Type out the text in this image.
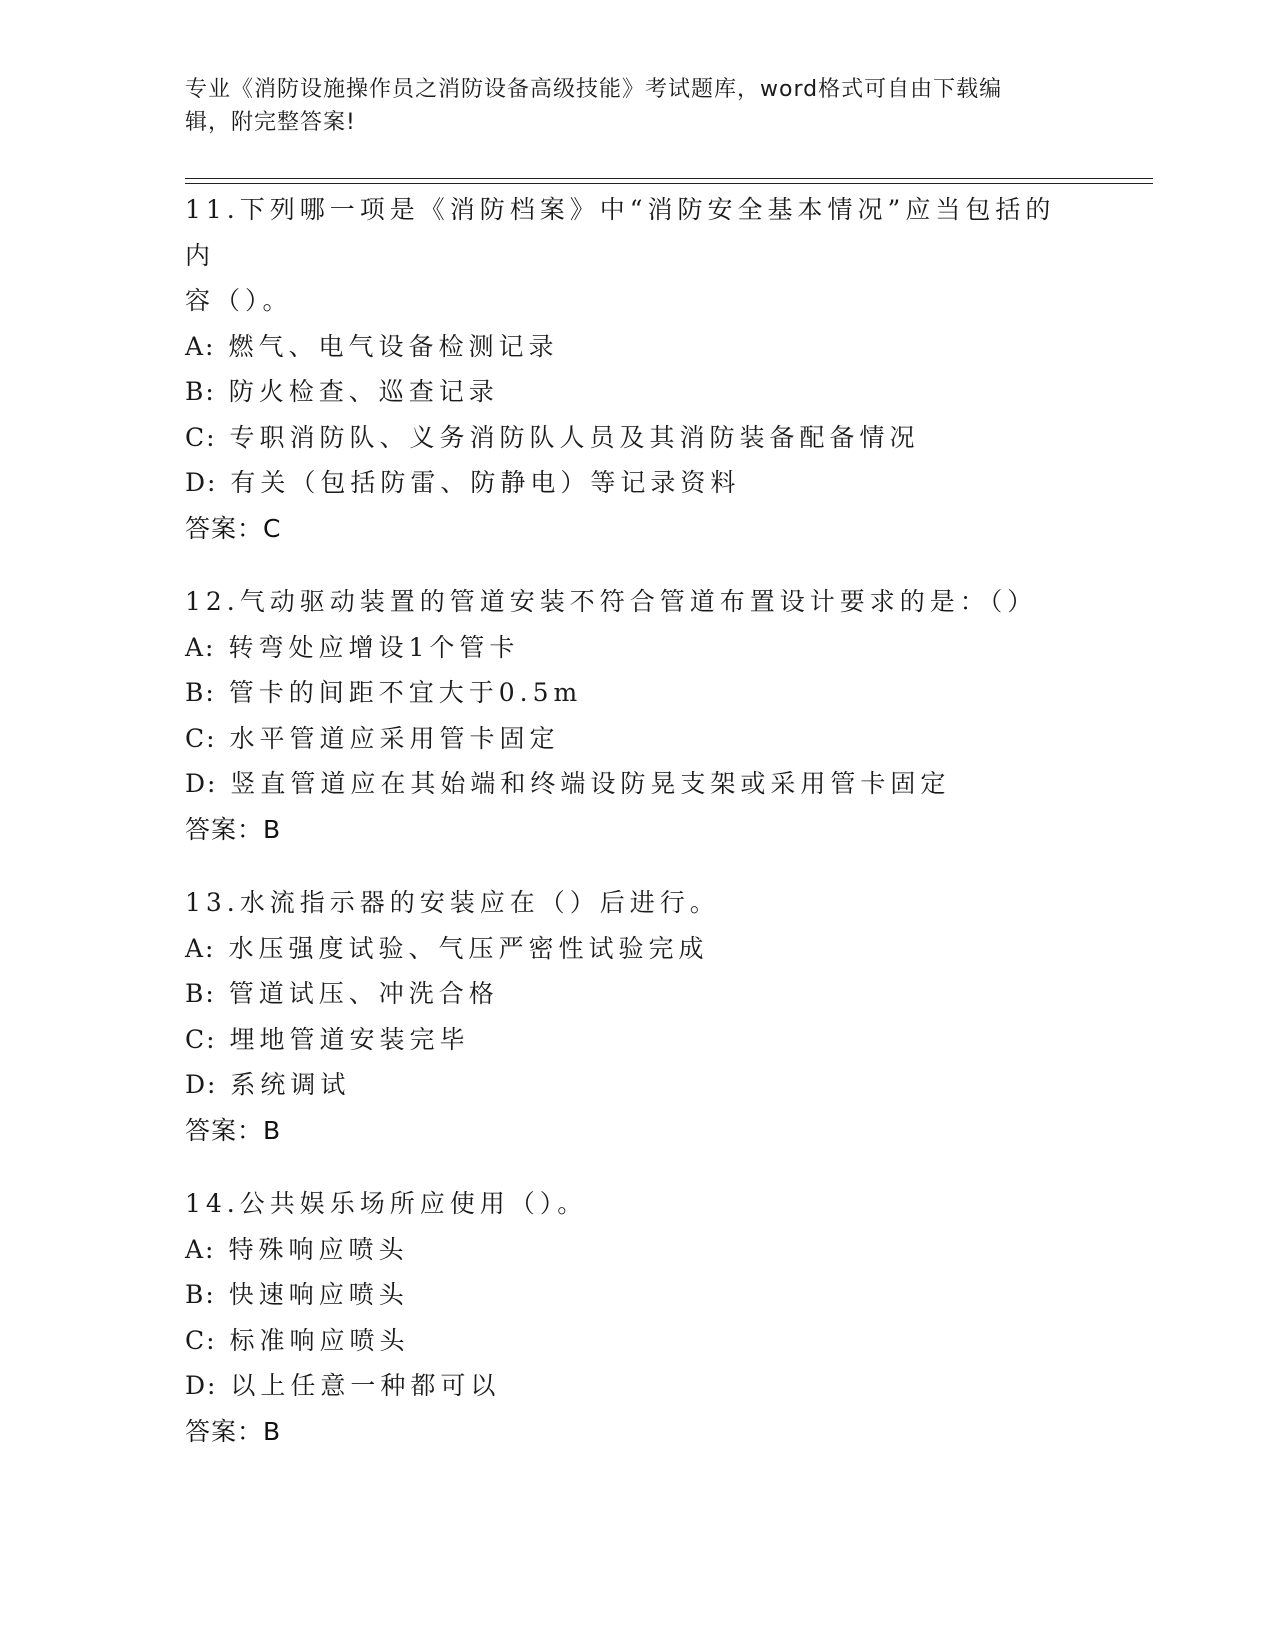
专业《消防设施操作员之消防设备高级技能》考试题库，word格式可自由下载编
辑，附完整答案!

11.下列哪一项是《消防档案》中“消防安全基本情况”应当包括的内

容（）。

A: 燃气、电气设备检测记录

B: 防火检查、巡查记录

C: 专职消防队、义务消防队人员及其消防装备配备情况

D: 有关（包括防雷、防静电）等记录资料

答案：C

12.气动驱动装置的管道安装不符合管道布置设计要求的是：（）

A: 转弯处应增设1个管卡

B: 管卡的间距不宜大于0.5m

C: 水平管道应采用管卡固定

D: 竖直管道应在其始端和终端设防晃支架或采用管卡固定

答案：B

13.水流指示器的安装应在（）后进行。

A: 水压强度试验、气压严密性试验完成

B: 管道试压、冲洗合格

C: 埋地管道安装完毕

D: 系统调试

答案：B

14.公共娱乐场所应使用（）。

A: 特殊响应喷头

B: 快速响应喷头

C: 标准响应喷头

D: 以上任意一种都可以

答案：B
